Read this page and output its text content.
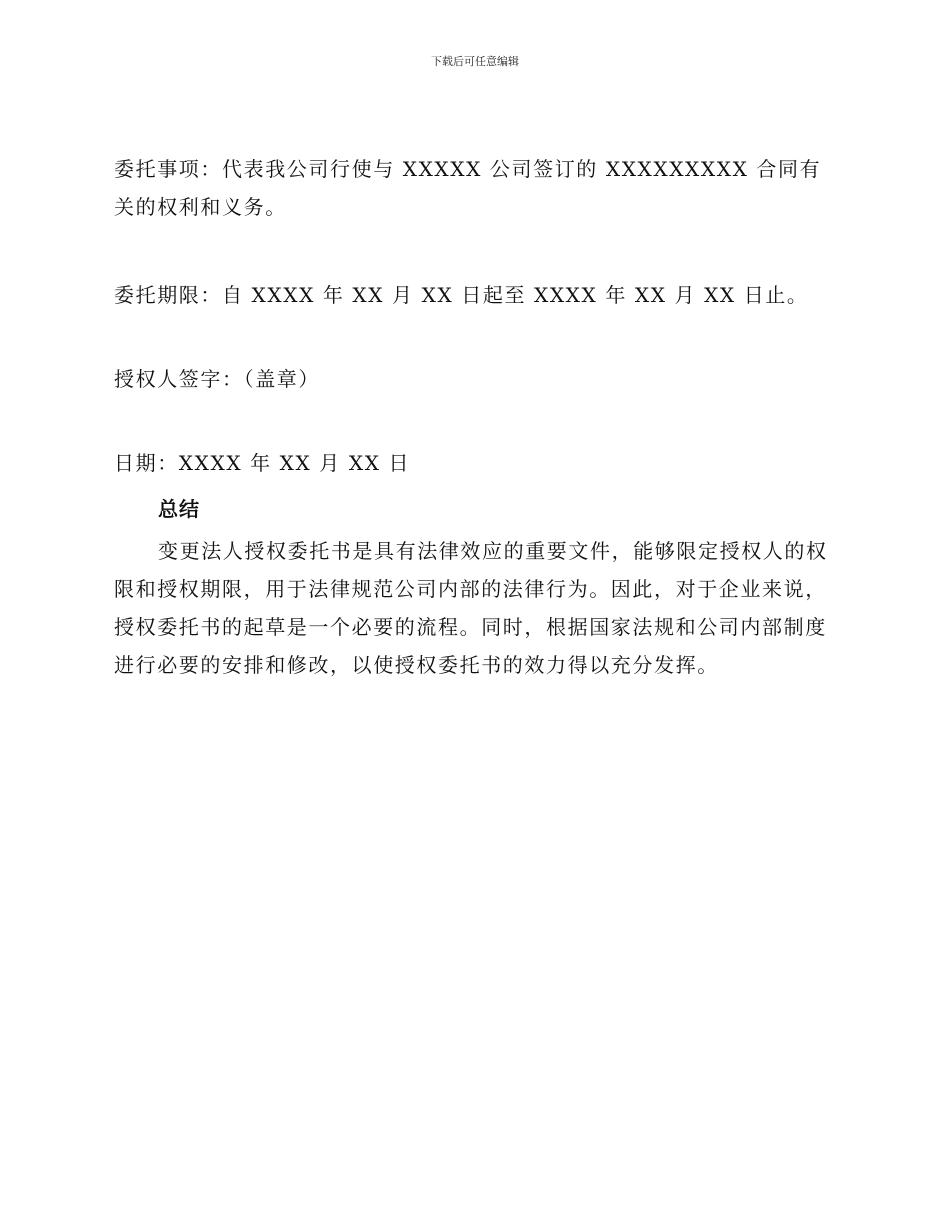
下载后可任意编辑

委托事项：代表我公司行使与 XXXXX 公司签订的 XXXXXXXXX 合同有关的权利和义务。

委托期限：自 XXXX 年 XX 月 XX 日起至 XXXX 年 XX 月 XX 日止。

授权人签字：（盖章）

日期：XXXX 年 XX 月 XX 日

总结

变更法人授权委托书是具有法律效应的重要文件，能够限定授权人的权限和授权期限，用于法律规范公司内部的法律行为。因此，对于企业来说，授权委托书的起草是一个必要的流程。同时，根据国家法规和公司内部制度进行必要的安排和修改，以使授权委托书的效力得以充分发挥。
